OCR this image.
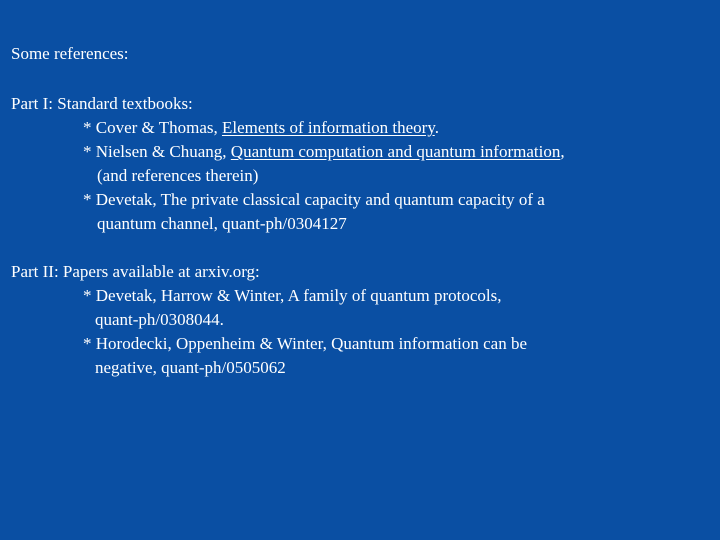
Some references:
Part I: Standard textbooks:
* Cover & Thomas, Elements of information theory.
* Nielsen & Chuang, Quantum computation and quantum information,
(and references therein)
* Devetak, The private classical capacity and quantum capacity of a
quantum channel, quant-ph/0304127
Part II: Papers available at arxiv.org:
* Devetak, Harrow & Winter, A family of quantum protocols,
quant-ph/0308044.
* Horodecki, Oppenheim & Winter, Quantum information can be
negative, quant-ph/0505062
